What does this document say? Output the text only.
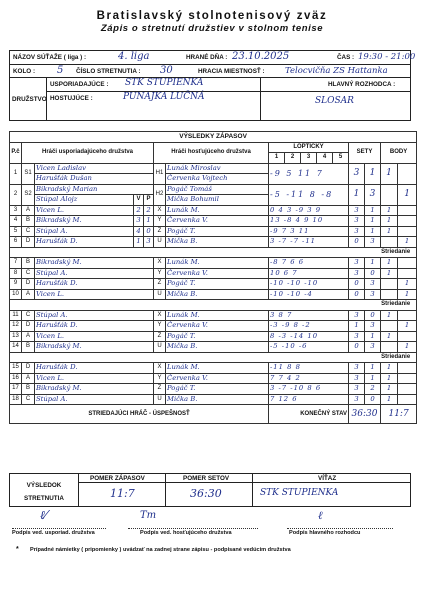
Bratislavský stolnotenisový zväz
Zápis o stretnutí družstiev v stolnom tenise
NÁZOV SÚŤAŽE ( liga ) :	4. liga	HRANÉ DŇA : 23.10.2025	ČAS : 19:30 - 21:00
KOLO : 5 ČÍSLO STRETNUTIA : 30	HRACIA MIESTNOSŤ : Telocvičňa ZS Hattanka
DRUŽSTVO
USPORIADAJÚCE : STK STUPIENKA
HOSTUJÚCE :	PUNAJKA LUČNÁ
HLAVNÝ ROZHODCA :
SLOSAR
VÝSLEDKY ZÁPASOV															
P.č	Hráči usporiadajúceho družstva				Hráči hosťujúceho družstva		LOPTIČKY					SETY		BODY	
							1	2	3	4	5				
1	S1	Vicen Ladislav			H1	Lunák Miroslav	-9 5 11 7					3	1	1	
		Harušťák Dušan				Červenka Vojtech									
2	S2	Bikradský Marian			H2	Pogáč Tomáš	-5 -11 8 -8					1	3		1
		Stúpal Alojz	V	P		Mička Bohumil									
3	A	Vicen L.	2	2	X	Lunák M.	0 4 3 -9 3 9					3	1	1	
4	B	Bikradský M.	3	1	Y	Červenka V.	13 -8 4 9 10					3	1	1	
5	C	Stúpal A.	4	0	Z	Pogáč T.	-9 7 3 11					3	1	1	
6	D	Harušťák D.	1	3	U	Mička B.	3 -7 -7 -11					0	3		1
Striedanie															
7	B	Bikradský M.			X	Lunák M.	-8 7 6 6					3	1	1	
8	C	Stúpal A.			Y	Červenka V.	10 6 7					3	0	1	
9	D	Harušťák D.			Z	Pogáč T.	-10 -10 -10					0	3		1
10	A	Vicen L.			U	Mička B.	-10 -10 -4					0	3		1
Striedanie															
11	C	Stúpal A.			X	Lunák M.	3 8 7					3	0	1	
12	D	Harušťák D.			Y	Červenka V.	-3 -9 8 -2					1	3		1
13	A	Vicen L.			Z	Pogáč T.	8 -3 -14 10					3	1	1	
14	B	Bikradský M.			U	Mička B.	-5 -10 -6					0	3		1
Striedanie															
15	D	Harušťák D.			X	Lunák M.	-11 8 8					3	1	1	
16	A	Vicen L.			Y	Červenka V.	7 7 4 2					3	1	1	
17	B	Bikradský M.			Z	Pogáč T.	3 -7 -10 8 6					3	2	1	
18	C	Stúpal A.			U	Mička B.	7 12 6					3	0	1	
STRIEDAJÚCI HRÁČ - ÚSPEŠNOSŤ							KONEČNÝ STAV					36:30		11:7	
VÝSLEDOK STRETNUTIA
POMER ZÁPASOV
11:7
POMER SETOV
36:30
VÍŤAZ
STK STUPIENKA
ℓ⁄	Tm	ℓ
Podpis ved. usporiad. družstva	Podpis ved. hosťujúceho družstva	Podpis hlavného rozhodcu
* Prípadné námietky ( pripomienky ) uvádzať na zadnej strane zápisu - podpisané vedúcim družstva
